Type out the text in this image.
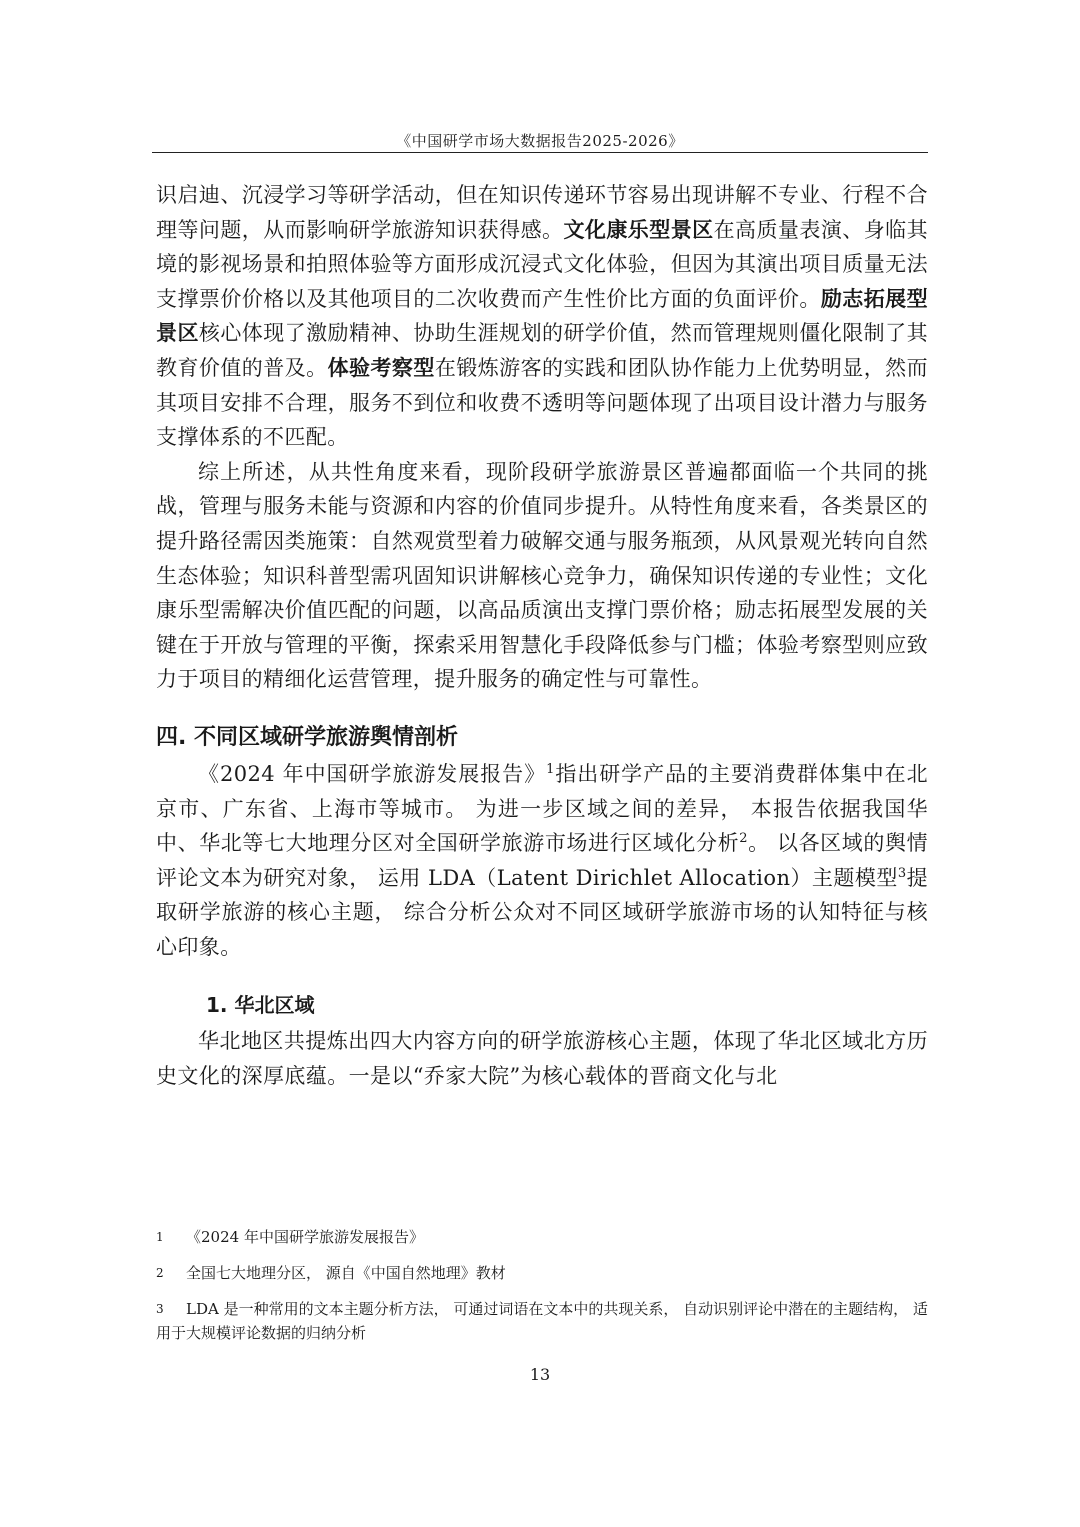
《中国研学市场大数据报告2025-2026》

识启迪、沉浸学习等研学活动，但在知识传递环节容易出现讲解不专业、行程不合理等问题，从而影响研学旅游知识获得感。文化康乐型景区在高质量表演、身临其境的影视场景和拍照体验等方面形成沉浸式文化体验，但因为其演出项目质量无法支撑票价价格以及其他项目的二次收费而产生性价比方面的负面评价。励志拓展型景区核心体现了激励精神、协助生涯规划的研学价值，然而管理规则僵化限制了其教育价值的普及。体验考察型在锻炼游客的实践和团队协作能力上优势明显，然而其项目安排不合理，服务不到位和收费不透明等问题体现了出项目设计潜力与服务支撑体系的不匹配。

综上所述，从共性角度来看，现阶段研学旅游景区普遍都面临一个共同的挑战，管理与服务未能与资源和内容的价值同步提升。从特性角度来看，各类景区的提升路径需因类施策：自然观赏型着力破解交通与服务瓶颈，从风景观光转向自然生态体验；知识科普型需巩固知识讲解核心竞争力，确保知识传递的专业性；文化康乐型需解决价值匹配的问题，以高品质演出支撑门票价格；励志拓展型发展的关键在于开放与管理的平衡，探索采用智慧化手段降低参与门槛；体验考察型则应致力于项目的精细化运营管理，提升服务的确定性与可靠性。

四. 不同区域研学旅游舆情剖析

《2024 年中国研学旅游发展报告》$^1$指出研学产品的主要消费群体集中在北京市、广东省、上海市等城市。 为进一步区域之间的差异， 本报告依据我国华中、华北等七大地理分区对全国研学旅游市场进行区域化分析$^2$。 以各区域的舆情评论文本为研究对象， 运用 LDA（Latent Dirichlet Allocation）主题模型$^3$提取研学旅游的核心主题， 综合分析公众对不同区域研学旅游市场的认知特征与核心印象。

1. 华北区域

华北地区共提炼出四大内容方向的研学旅游核心主题，体现了华北区域北方历史文化的深厚底蕴。一是以“乔家大院”为核心载体的晋商文化与北

1 《2024 年中国研学旅游发展报告》
2 全国七大地理分区， 源自《中国自然地理》教材
3 LDA 是一种常用的文本主题分析方法， 可通过词语在文本中的共现关系， 自动识别评论中潜在的主题结构， 适用于大规模评论数据的归纳分析
13
